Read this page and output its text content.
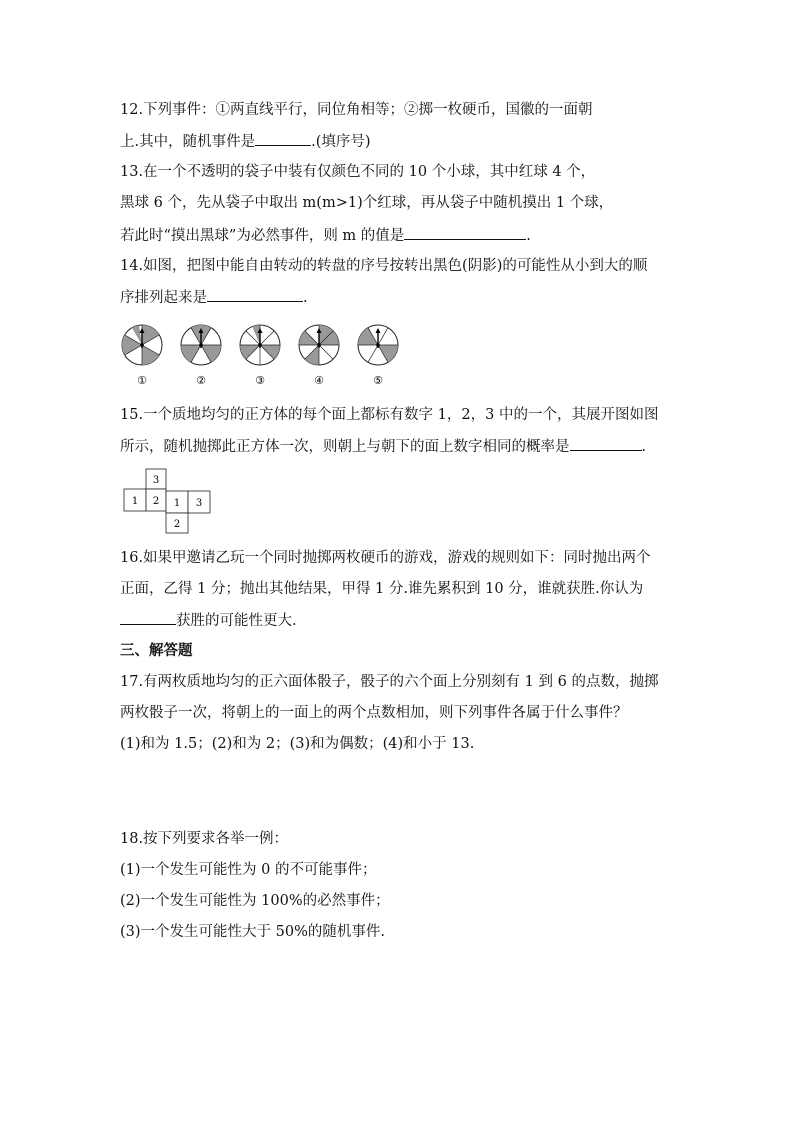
12.下列事件：①两直线平行，同位角相等；②掷一枚硬币，国徽的一面朝
上.其中，随机事件是	.(填序号)
13.在一个不透明的袋子中装有仅颜色不同的 10 个小球，其中红球 4 个，
黑球 6 个，先从袋子中取出 m(m>1)个红球，再从袋子中随机摸出 1 个球，
若此时“摸出黑球”为必然事件，则 m 的值是	.
14.如图，把图中能自由转动的转盘的序号按转出黑色(阴影)的可能性从小到大的顺
序排列起来是	.
①	②	③	④	⑤
15.一个质地均匀的正方体的每个面上都标有数字 1，2，3 中的一个，其展开图如图
所示，随机抛掷此正方体一次，则朝上与朝下的面上数字相同的概率是	.
3
1 2 1 3
2
16.如果甲邀请乙玩一个同时抛掷两枚硬币的游戏，游戏的规则如下：同时抛出两个
正面，乙得 1 分；抛出其他结果，甲得 1 分.谁先累积到 10 分，谁就获胜.你认为
获胜的可能性更大.
三、解答题
17.有两枚质地均匀的正六面体骰子，骰子的六个面上分别刻有 1 到 6 的点数，抛掷
两枚骰子一次，将朝上的一面上的两个点数相加，则下列事件各属于什么事件？
(1)和为 1.5；(2)和为 2；(3)和为偶数；(4)和小于 13.
18.按下列要求各举一例：
(1)一个发生可能性为 0 的不可能事件；
(2)一个发生可能性为 100%的必然事件；
(3)一个发生可能性大于 50%的随机事件.
